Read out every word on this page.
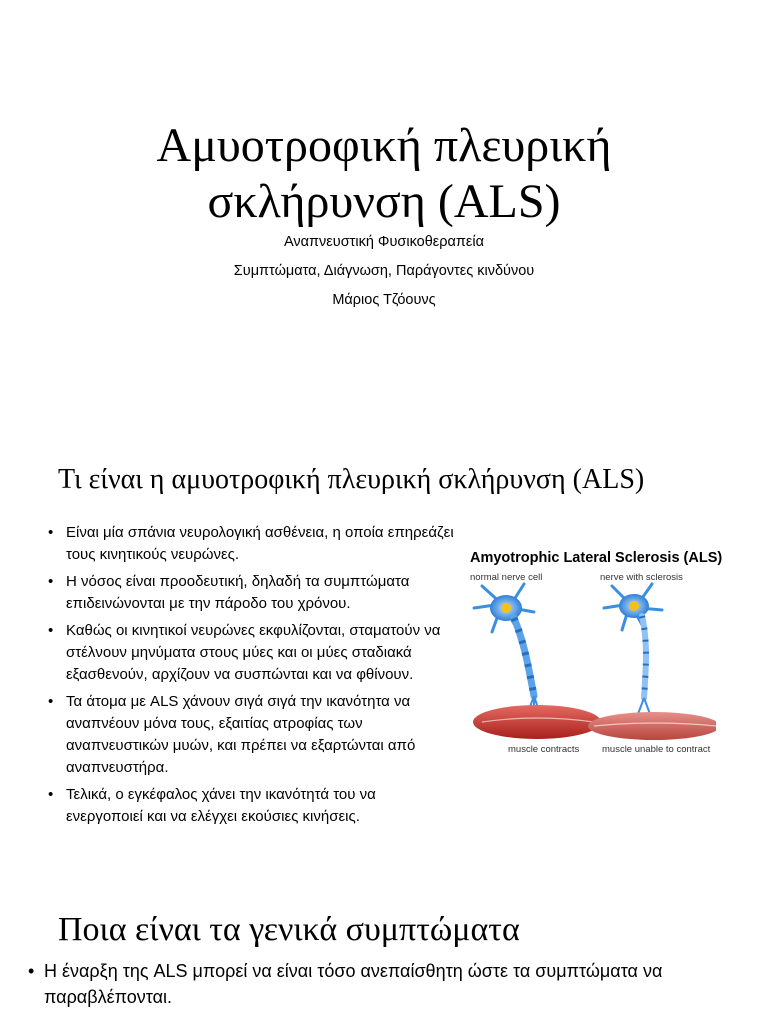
Αμυοτροφική πλευρική σκλήρυνση (ALS)
Αναπνευστική Φυσικοθεραπεία
Συμπτώματα, Διάγνωση, Παράγοντες κινδύνου
Μάριος Τζόουνς
Τι είναι η αμυοτροφική πλευρική σκλήρυνση (ALS)
• Είναι μία σπάνια νευρολογική ασθένεια, η οποία επηρεάζει τους κινητικούς νευρώνες.
• Η νόσος είναι προοδευτική, δηλαδή τα συμπτώματα επιδεινώνονται με την πάροδο του χρόνου.
• Καθώς οι κινητικοί νευρώνες εκφυλίζονται, σταματούν να στέλνουν μηνύματα στους μύες και οι μύες σταδιακά εξασθενούν, αρχίζουν να συσπώνται και να φθίνουν.
• Τα άτομα με ALS χάνουν σιγά σιγά την ικανότητα να αναπνέουν μόνα τους, εξαιτίας ατροφίας των αναπνευστικών μυών, και πρέπει να εξαρτώνται από αναπνευστήρα.
• Τελικά, ο εγκέφαλος χάνει την ικανότητά του να ενεργοποιεί και να ελέγχει εκούσιες κινήσεις.
Amyotrophic Lateral Sclerosis (ALS)
normal nerve cell	nerve with sclerosis
muscle contracts muscle unable to contract
Ποια είναι τα γενικά συμπτώματα
• Η έναρξη της ALS μπορεί να είναι τόσο ανεπαίσθητη ώστε τα συμπτώματα να παραβλέπονται.
